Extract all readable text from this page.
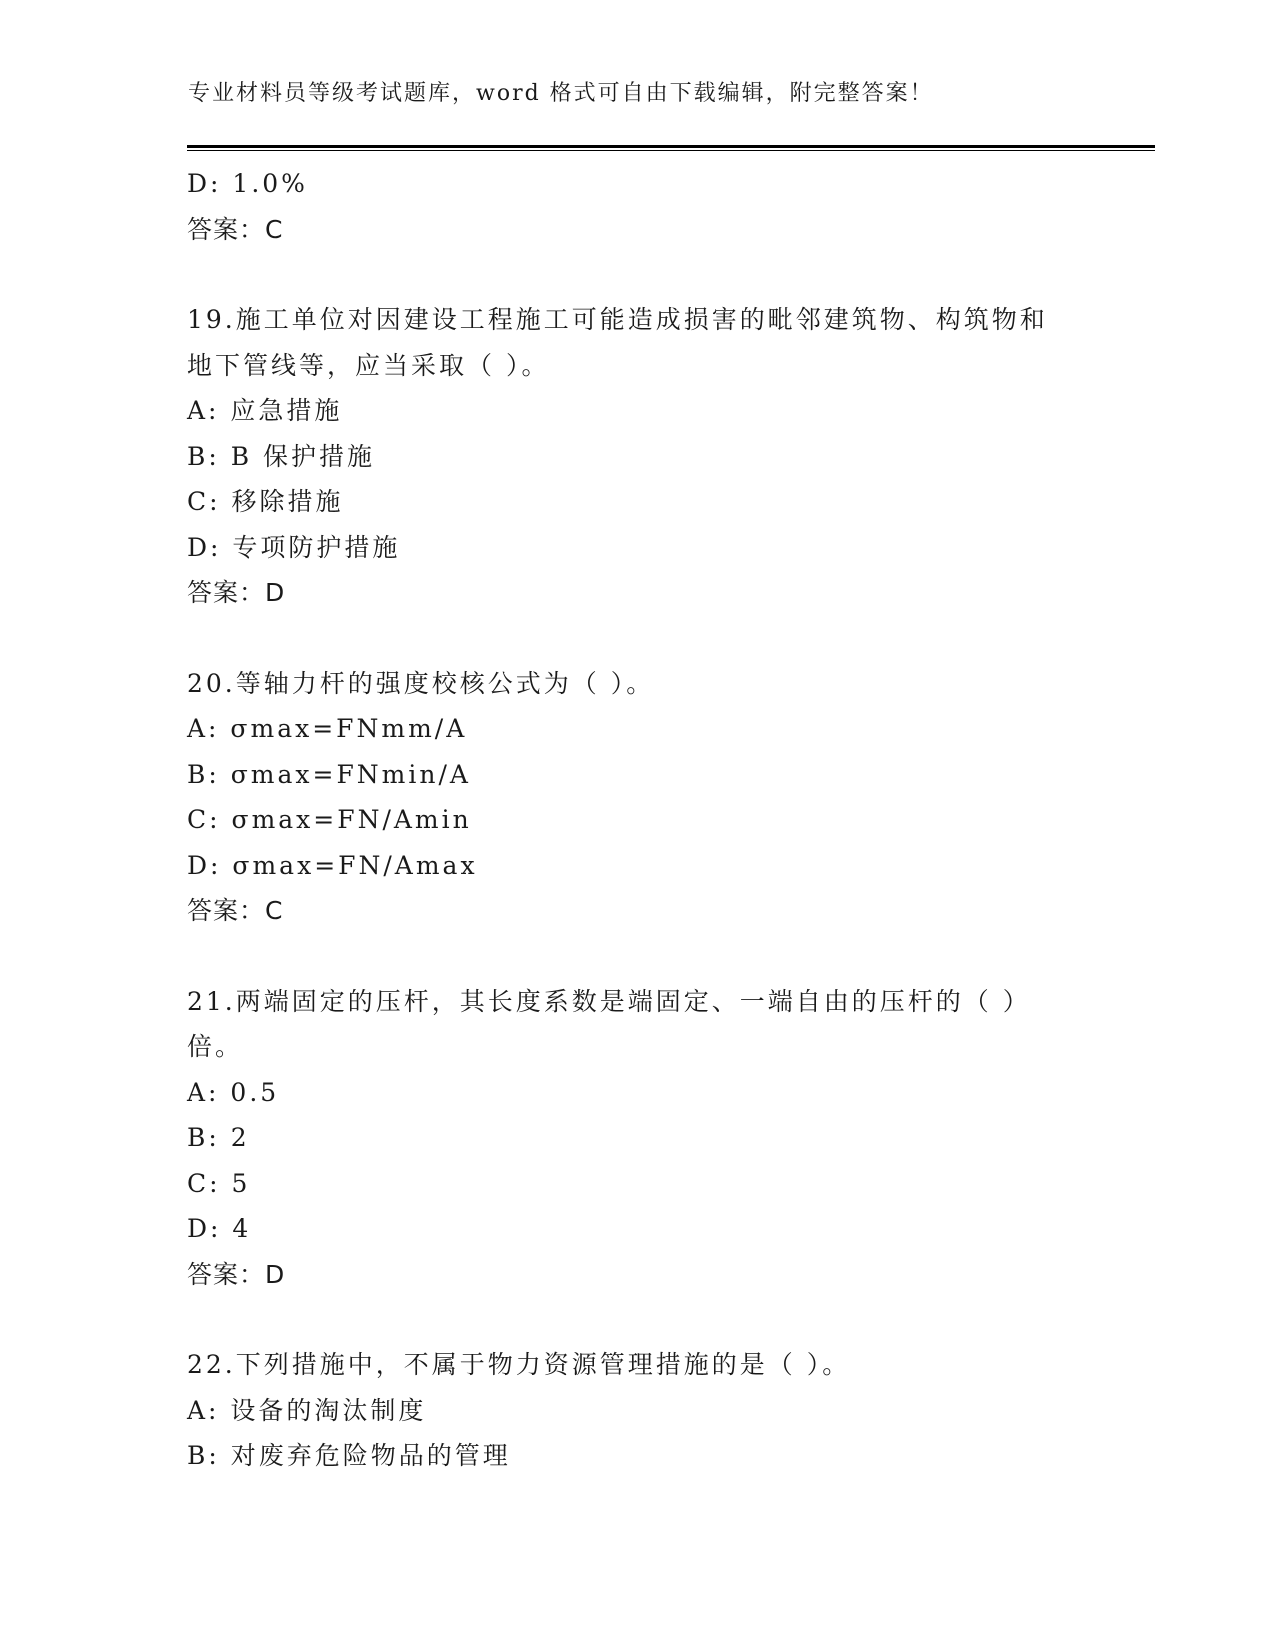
专业材料员等级考试题库，word 格式可自由下载编辑，附完整答案！
D: 1.0%
答案：C
19.施工单位对因建设工程施工可能造成损害的毗邻建筑物、构筑物和
地下管线等，应当采取（ ）。
A: 应急措施
B: B 保护措施
C: 移除措施
D: 专项防护措施
答案：D
20.等轴力杆的强度校核公式为（ ）。
A: σmax=FNmm/A
B: σmax=FNmin/A
C: σmax=FN/Amin
D: σmax=FN/Amax
答案：C
21.两端固定的压杆，其长度系数是端固定、一端自由的压杆的（ ）
倍。
A: 0.5
B: 2
C: 5
D: 4
答案：D
22.下列措施中，不属于物力资源管理措施的是（ ）。
A: 设备的淘汰制度
B: 对废弃危险物品的管理
